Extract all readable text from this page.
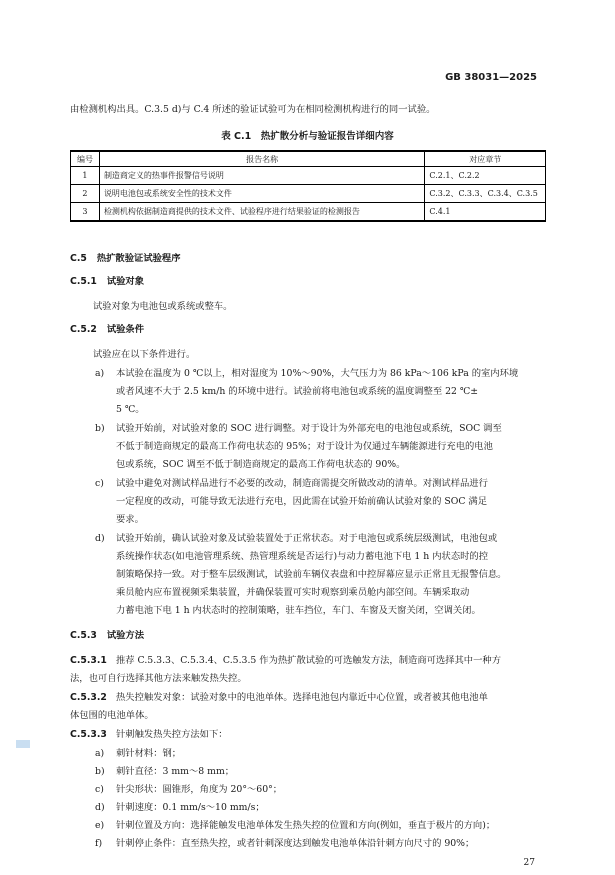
GB 38031—2025
由检测机构出具。C.3.5 d)与 C.4 所述的验证试验可为在相同检测机构进行的同一试验。
表 C.1　热扩散分析与验证报告详细内容
编号	报告名称	对应章节
1	制造商定义的热事件报警信号说明	C.2.1、C.2.2
2	说明电池包或系统安全性的技术文件	C.3.2、C.3.3、C.3.4、C.3.5
3	检测机构依据制造商提供的技术文件、试验程序进行结果验证的检测报告	C.4.1
C.5 热扩散验证试验程序
C.5.1 试验对象
试验对象为电池包或系统或整车。
C.5.2 试验条件
试验应在以下条件进行。
a) 本试验在温度为 0 ℃以上，相对湿度为 10%～90%，大气压力为 86 kPa～106 kPa 的室内环境
或者风速不大于 2.5 km/h 的环境中进行。试验前将电池包或系统的温度调整至 22 ℃±
5 ℃。
b) 试验开始前，对试验对象的 SOC 进行调整。对于设计为外部充电的电池包或系统，SOC 调至
不低于制造商规定的最高工作荷电状态的 95%；对于设计为仅通过车辆能源进行充电的电池
包或系统，SOC 调至不低于制造商规定的最高工作荷电状态的 90%。
c) 试验中避免对测试样品进行不必要的改动，制造商需提交所做改动的清单。对测试样品进行
一定程度的改动，可能导致无法进行充电，因此需在试验开始前确认试验对象的 SOC 满足
要求。
d) 试验开始前，确认试验对象及试验装置处于正常状态。对于电池包或系统层级测试，电池包或
系统操作状态(如电池管理系统、热管理系统是否运行)与动力蓄电池下电 1 h 内状态时的控
制策略保持一致。对于整车层级测试，试验前车辆仪表盘和中控屏幕应显示正常且无报警信息。
乘员舱内应布置视频采集装置，并确保装置可实时观察到乘员舱内部空间。车辆采取动
力蓄电池下电 1 h 内状态时的控制策略，驻车挡位，车门、车窗及天窗关闭，空调关闭。
C.5.3 试验方法
C.5.3.1 推荐 C.5.3.3、C.5.3.4、C.5.3.5 作为热扩散试验的可选触发方法，制造商可选择其中一种方
法，也可自行选择其他方法来触发热失控。
C.5.3.2 热失控触发对象：试验对象中的电池单体。选择电池包内靠近中心位置，或者被其他电池单
体包围的电池单体。
C.5.3.3 针刺触发热失控方法如下：
a) 刺针材料：钢；
b) 刺针直径：3 mm～8 mm；
c) 针尖形状：圆锥形，角度为 20°～60°；
d) 针刺速度：0.1 mm/s～10 mm/s；
e) 针刺位置及方向：选择能触发电池单体发生热失控的位置和方向(例如，垂直于极片的方向)；
f) 针刺停止条件：直至热失控，或者针刺深度达到触发电池单体沿针刺方向尺寸的 90%；
27
